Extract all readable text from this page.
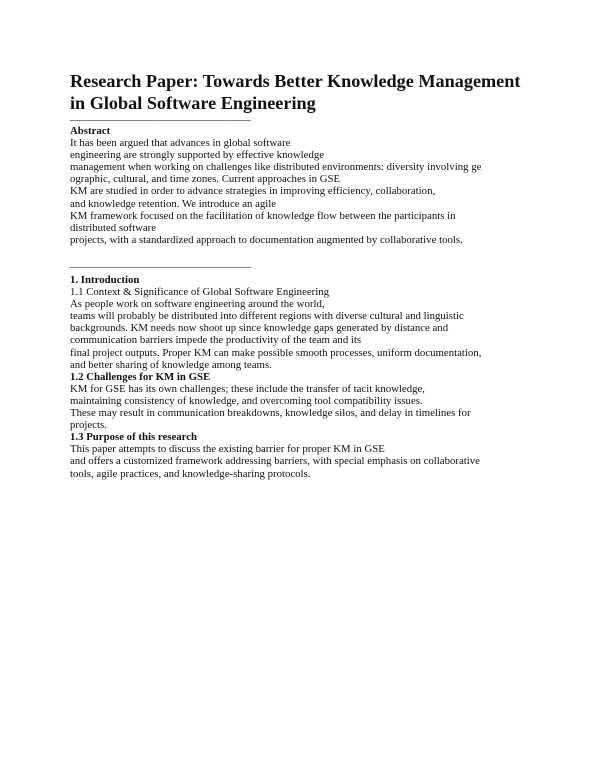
Research Paper: Towards Better Knowledge Management
in Global Software Engineering
————————————————————
Abstract
It has been argued that advances in global software
engineering are strongly supported by effective knowledge
management when working on challenges like distributed environments: diversity involving ge
ographic, cultural, and time zones. Current approaches in GSE
KM are studied in order to advance strategies in improving efficiency, collaboration,
and knowledge retention. We introduce an agile
KM framework focused on the facilitation of knowledge flow between the participants in
distributed software
projects, with a standardized approach to documentation augmented by collaborative tools.
————————————————————
1. Introduction
1.1 Context & Significance of Global Software Engineering
As people work on software engineering around the world,
teams will probably be distributed into different regions with diverse cultural and linguistic
backgrounds. KM needs now shoot up since knowledge gaps generated by distance and
communication barriers impede the productivity of the team and its
final project outputs. Proper KM can make possible smooth processes, uniform documentation,
and better sharing of knowledge among teams.
1.2 Challenges for KM in GSE
KM for GSE has its own challenges; these include the transfer of tacit knowledge,
maintaining consistency of knowledge, and overcoming tool compatibility issues.
These may result in communication breakdowns, knowledge silos, and delay in timelines for
projects.
1.3 Purpose of this research
This paper attempts to discuss the existing barrier for proper KM in GSE
and offers a customized framework addressing barriers, with special emphasis on collaborative
tools, agile practices, and knowledge-sharing protocols.
